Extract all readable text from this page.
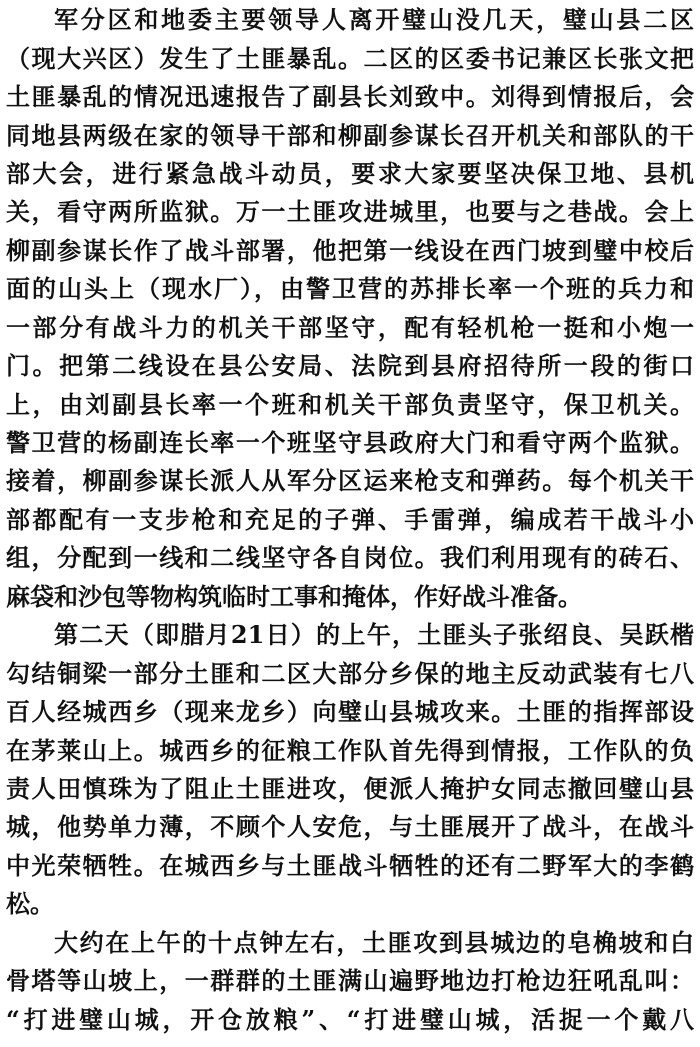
军分区和地委主要领导人离开璧山没几天，璧山县二区
（现大兴区）发生了土匪暴乱。二区的区委书记兼区长张文把
土匪暴乱的情况迅速报告了副县长刘致中。刘得到情报后，会
同地县两级在家的领导干部和柳副参谋长召开机关和部队的干
部大会，进行紧急战斗动员，要求大家要坚决保卫地、县机
关，看守两所监狱。万一土匪攻进城里，也要与之巷战。会上
柳副参谋长作了战斗部署，他把第一线设在西门坡到璧中校后
面的山头上（现水厂），由警卫营的苏排长率一个班的兵力和
一部分有战斗力的机关干部坚守，配有轻机枪一挺和小炮一
门。把第二线设在县公安局、法院到县府招待所一段的街口
上，由刘副县长率一个班和机关干部负责坚守，保卫机关。
警卫营的杨副连长率一个班坚守县政府大门和看守两个监狱。
接着，柳副参谋长派人从军分区运来枪支和弹药。每个机关干
部都配有一支步枪和充足的子弹、手雷弹，编成若干战斗小
组，分配到一线和二线坚守各自岗位。我们利用现有的砖石、
麻袋和沙包等物构筑临时工事和掩体，作好战斗准备。
第二天（即腊月21日）的上午，土匪头子张绍良、吴跃楷
勾结铜梁一部分土匪和二区大部分乡保的地主反动武装有七八
百人经城西乡（现来龙乡）向璧山县城攻来。土匪的指挥部设
在茅莱山上。城西乡的征粮工作队首先得到情报，工作队的负
责人田慎珠为了阻止土匪进攻，便派人掩护女同志撤回璧山县
城，他势单力薄，不顾个人安危，与土匪展开了战斗，在战斗
中光荣牺牲。在城西乡与土匪战斗牺牲的还有二野军大的李鹤
松。
大约在上午的十点钟左右，土匪攻到县城边的皂桷坡和白
骨塔等山坡上，一群群的土匪满山遍野地边打枪边狂吼乱叫：
“打进璧山城，开仓放粮”、“打进璧山城，活捉一个戴八
